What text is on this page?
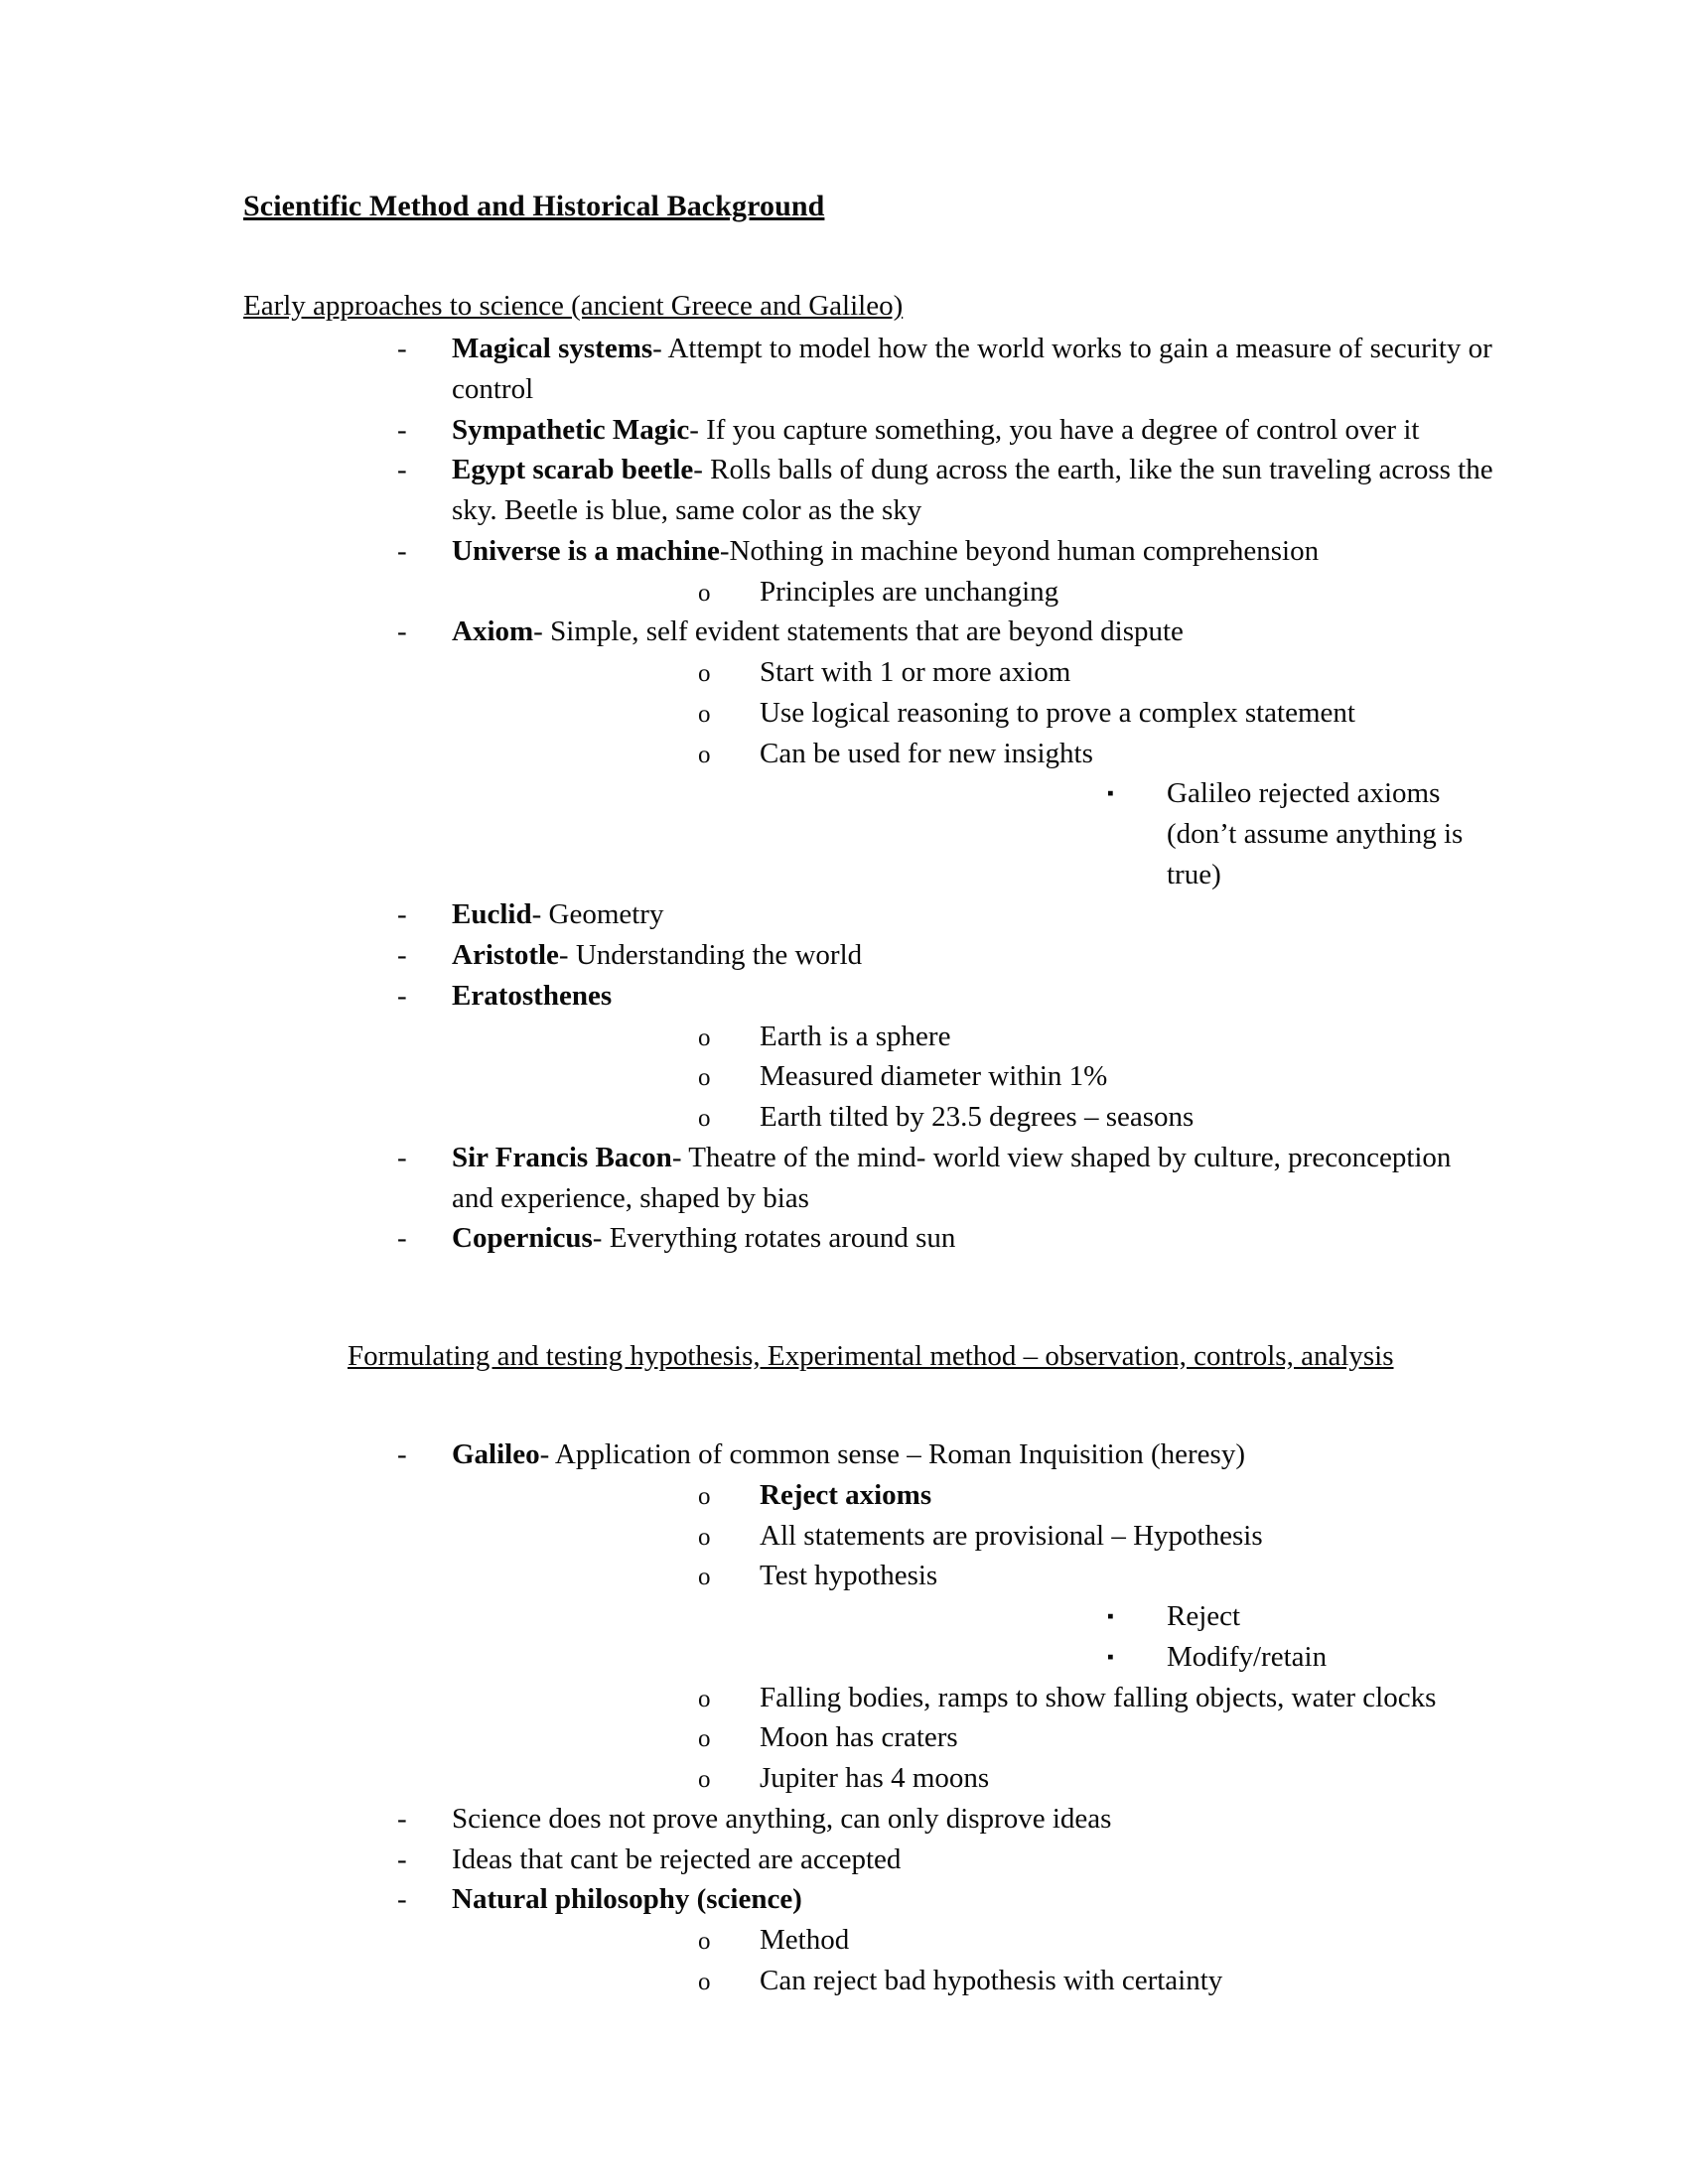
Scientific Method and Historical Background
Early approaches to science (ancient Greece and Galileo)
- Magical systems- Attempt to model how the world works to gain a measure of security or control
- Sympathetic Magic- If you capture something, you have a degree of control over it
- Egypt scarab beetle- Rolls balls of dung across the earth, like the sun traveling across the sky. Beetle is blue, same color as the sky
- Universe is a machine-Nothing in machine beyond human comprehension
o Principles are unchanging
- Axiom- Simple, self evident statements that are beyond dispute
o Start with 1 or more axiom
o Use logical reasoning to prove a complex statement
o Can be used for new insights
▪ Galileo rejected axioms (don’t assume anything is true)
- Euclid- Geometry
- Aristotle- Understanding the world
- Eratosthenes
o Earth is a sphere
o Measured diameter within 1%
o Earth tilted by 23.5 degrees – seasons
- Sir Francis Bacon- Theatre of the mind- world view shaped by culture, preconception and experience, shaped by bias
- Copernicus- Everything rotates around sun
Formulating and testing hypothesis, Experimental method – observation, controls, analysis
- Galileo- Application of common sense – Roman Inquisition (heresy)
o Reject axioms
o All statements are provisional – Hypothesis
o Test hypothesis
▪ Reject
▪ Modify/retain
o Falling bodies, ramps to show falling objects, water clocks
o Moon has craters
o Jupiter has 4 moons
- Science does not prove anything, can only disprove ideas
- Ideas that cant be rejected are accepted
- Natural philosophy (science)
o Method
o Can reject bad hypothesis with certainty
